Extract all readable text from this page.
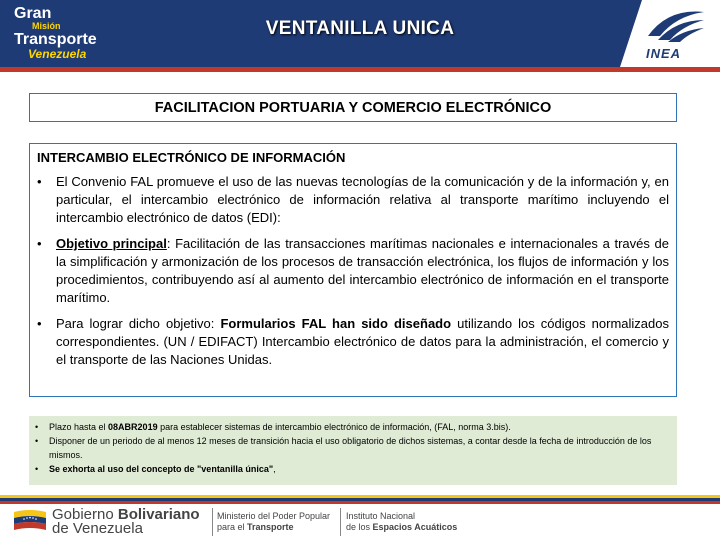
Gran
Misión
Transporte
Venezuela
VENTANILLA UNICA
INEA
FACILITACION PORTUARIA Y COMERCIO ELECTRÓNICO
INTERCAMBIO ELECTRÓNICO DE INFORMACIÓN
• El Convenio FAL promueve el uso de las nuevas tecnologías de la comunicación y de la información y, en particular, el intercambio electrónico de información relativa al transporte marítimo incluyendo el intercambio electrónico de datos (EDI):
• Objetivo principal: Facilitación de las transacciones marítimas nacionales e internacionales a través de la simplificación y armonización de los procesos de transacción electrónica, los flujos de información y los procedimientos, contribuyendo así al aumento del intercambio electrónico de información en el transporte marítimo.
• Para lograr dicho objetivo: Formularios FAL han sido diseñado utilizando los códigos normalizados correspondientes. (UN / EDIFACT) Intercambio electrónico de datos para la administración, el comercio y el transporte de las Naciones Unidas.
• Plazo hasta el 08ABR2019 para establecer sistemas de intercambio electrónico de información, (FAL, norma 3.bis).
• Disponer de un periodo de al menos 12 meses de transición hacia el uso obligatorio de dichos sistemas, a contar desde la fecha de introducción de los mismos.
• Se exhorta al uso del concepto de "ventanilla única",
Gobierno Bolivariano
de Venezuela
Ministerio del Poder Popular
para el Transporte
Instituto Nacional
de los Espacios Acuáticos
